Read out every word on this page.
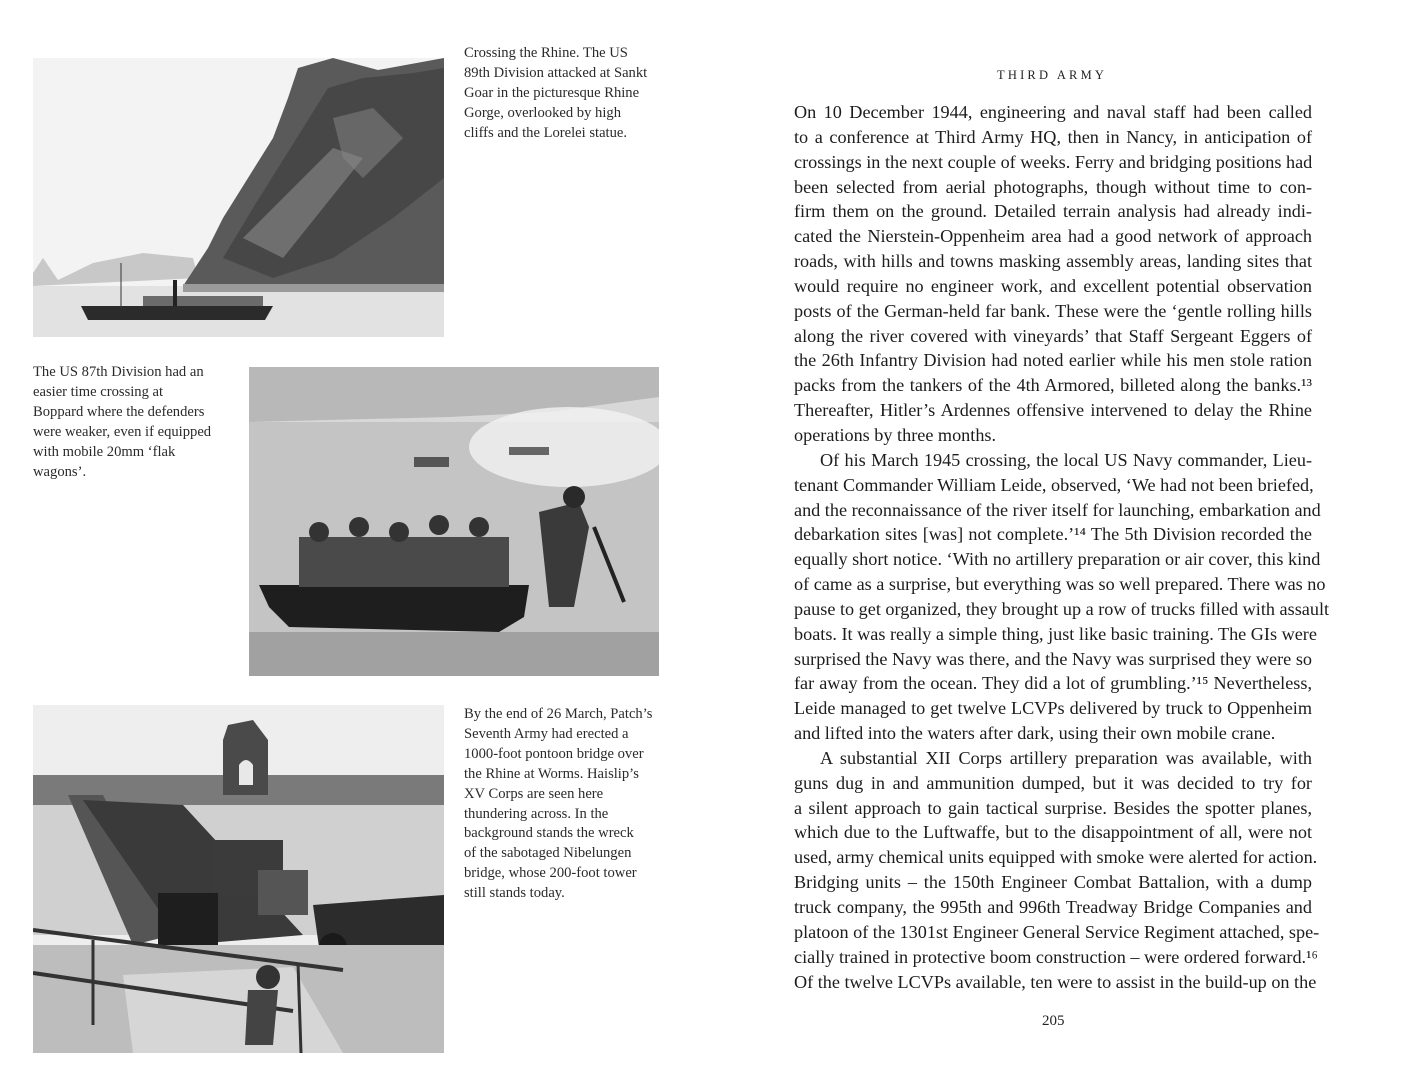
Crossing the Rhine. The US
89th Division attacked at Sankt
Goar in the picturesque Rhine
Gorge, overlooked by high
cliffs and the Lorelei statue.

The US 87th Division had an
easier time crossing at
Boppard where the defenders
were weaker, even if equipped
with mobile 20mm ‘flak
wagons’.

By the end of 26 March, Patch’s
Seventh Army had erected a
1000-foot pontoon bridge over
the Rhine at Worms. Haislip’s
XV Corps are seen here
thundering across. In the
background stands the wreck
of the sabotaged Nibelungen
bridge, whose 200-foot tower
still stands today.

THIRD ARMY

On 10 December 1944, engineering and naval staff had been called
to a conference at Third Army HQ, then in Nancy, in anticipation of
crossings in the next couple of weeks. Ferry and bridging positions had
been selected from aerial photographs, though without time to con-
firm them on the ground. Detailed terrain analysis had already indi-
cated the Nierstein-Oppenheim area had a good network of approach
roads, with hills and towns masking assembly areas, landing sites that
would require no engineer work, and excellent potential observation
posts of the German-held far bank. These were the ‘gentle rolling hills
along the river covered with vineyards’ that Staff Sergeant Eggers of
the 26th Infantry Division had noted earlier while his men stole ration
packs from the tankers of the 4th Armored, billeted along the banks.¹³
Thereafter, Hitler’s Ardennes offensive intervened to delay the Rhine
operations by three months.
Of his March 1945 crossing, the local US Navy commander, Lieu-
tenant Commander William Leide, observed, ‘We had not been briefed,
and the reconnaissance of the river itself for launching, embarkation and
debarkation sites [was] not complete.’¹⁴ The 5th Division recorded the
equally short notice. ‘With no artillery preparation or air cover, this kind
of came as a surprise, but everything was so well prepared. There was no
pause to get organized, they brought up a row of trucks filled with assault
boats. It was really a simple thing, just like basic training. The GIs were
surprised the Navy was there, and the Navy was surprised they were so
far away from the ocean. They did a lot of grumbling.’¹⁵ Nevertheless,
Leide managed to get twelve LCVPs delivered by truck to Oppenheim
and lifted into the waters after dark, using their own mobile crane.
A substantial XII Corps artillery preparation was available, with
guns dug in and ammunition dumped, but it was decided to try for
a silent approach to gain tactical surprise. Besides the spotter planes,
which due to the Luftwaffe, but to the disappointment of all, were not
used, army chemical units equipped with smoke were alerted for action.
Bridging units – the 150th Engineer Combat Battalion, with a dump
truck company, the 995th and 996th Treadway Bridge Companies and
platoon of the 1301st Engineer General Service Regiment attached, spe-
cially trained in protective boom construction – were ordered forward.¹⁶
Of the twelve LCVPs available, ten were to assist in the build-up on the

205
